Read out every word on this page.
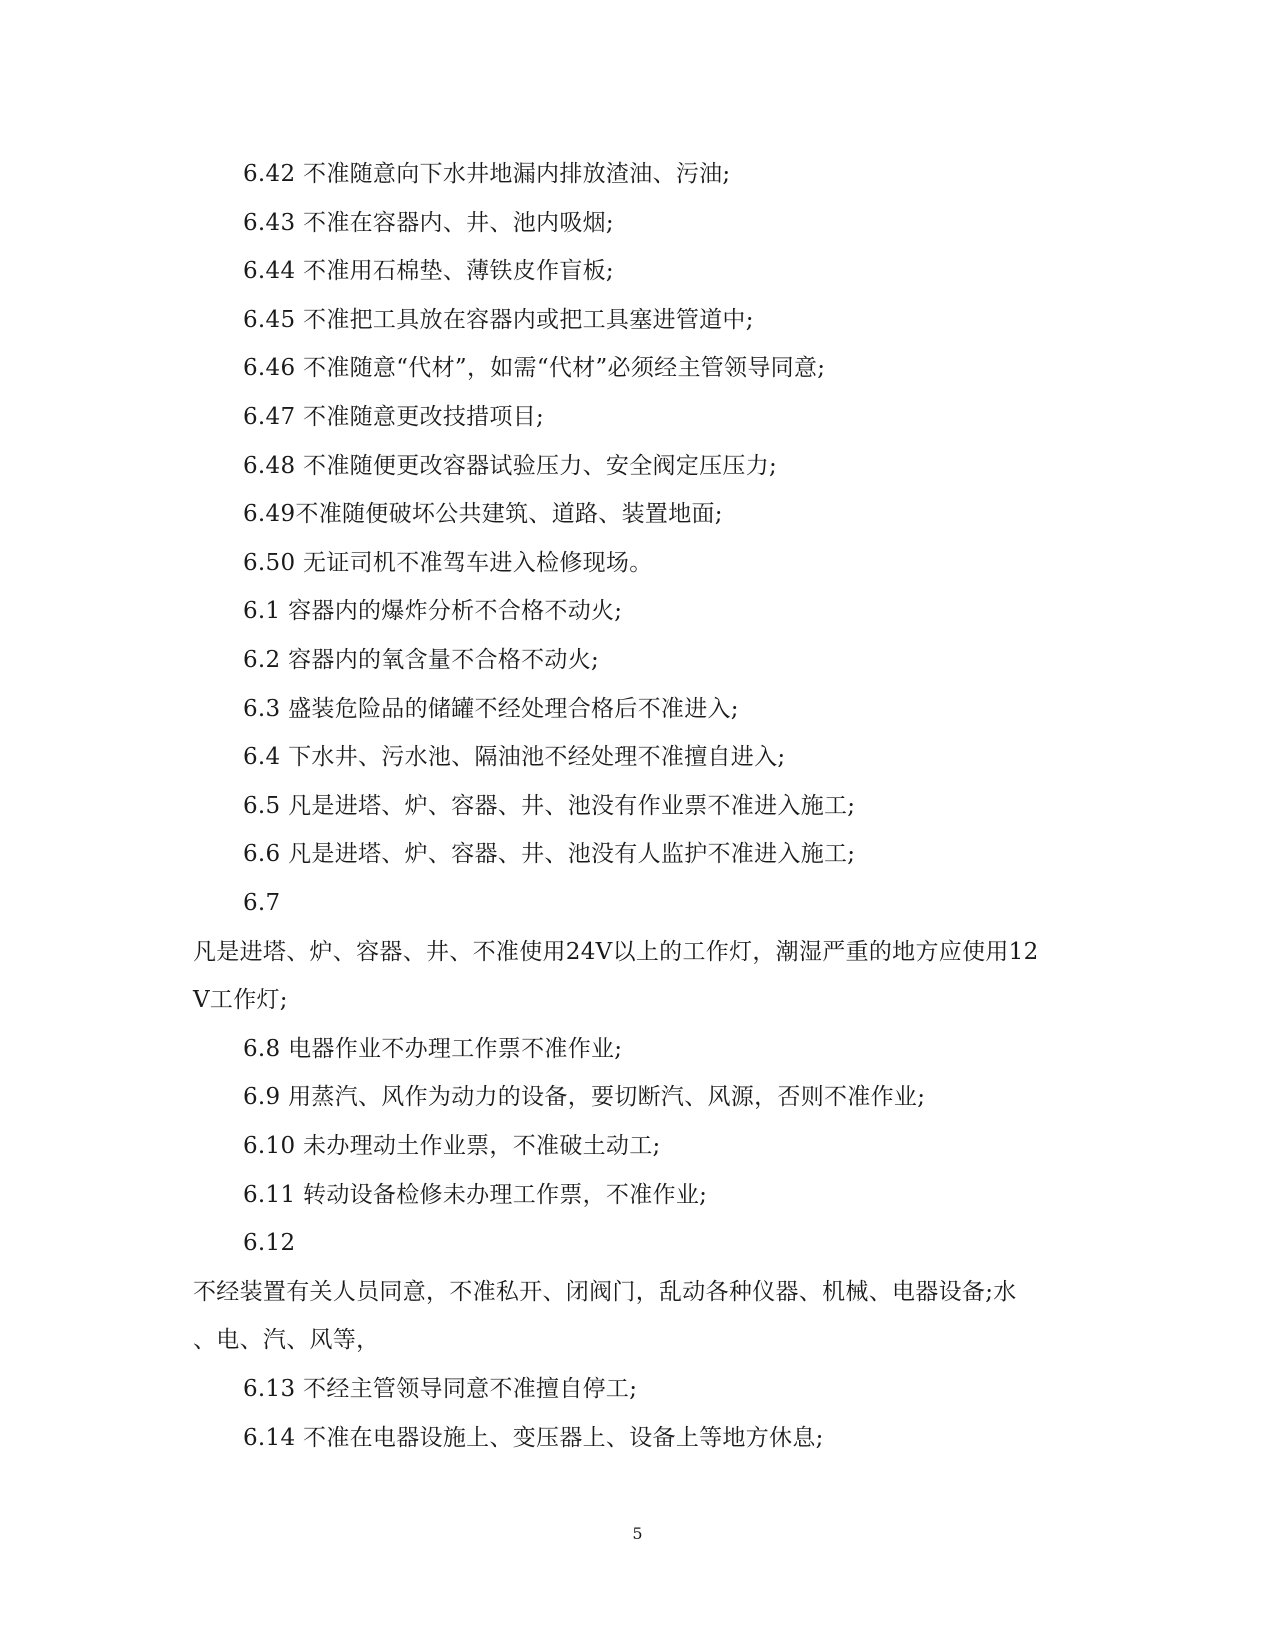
6.42 不准随意向下水井地漏内排放渣油、污油;
6.43 不准在容器内、井、池内吸烟;
6.44 不准用石棉垫、薄铁皮作盲板;
6.45 不准把工具放在容器内或把工具塞进管道中;
6.46 不准随意“代材”，如需“代材”必须经主管领导同意;
6.47 不准随意更改技措项目;
6.48 不准随便更改容器试验压力、安全阀定压压力;
6.49不准随便破坏公共建筑、道路、装置地面;
6.50 无证司机不准驾车进入检修现场。
6.1 容器内的爆炸分析不合格不动火;
6.2 容器内的氧含量不合格不动火;
6.3 盛装危险品的储罐不经处理合格后不准进入;
6.4 下水井、污水池、隔油池不经处理不准擅自进入;
6.5 凡是进塔、炉、容器、井、池没有作业票不准进入施工;
6.6 凡是进塔、炉、容器、井、池没有人监护不准进入施工;
6.7
凡是进塔、炉、容器、井、不准使用24V以上的工作灯，潮湿严重的地方应使用12
V工作灯;
6.8 电器作业不办理工作票不准作业;
6.9 用蒸汽、风作为动力的设备，要切断汽、风源，否则不准作业;
6.10 未办理动土作业票，不准破土动工;
6.11 转动设备检修未办理工作票，不准作业;
6.12
不经装置有关人员同意，不准私开、闭阀门，乱动各种仪器、机械、电器设备;水
、电、汽、风等，
6.13 不经主管领导同意不准擅自停工;
6.14 不准在电器设施上、变压器上、设备上等地方休息;
5
